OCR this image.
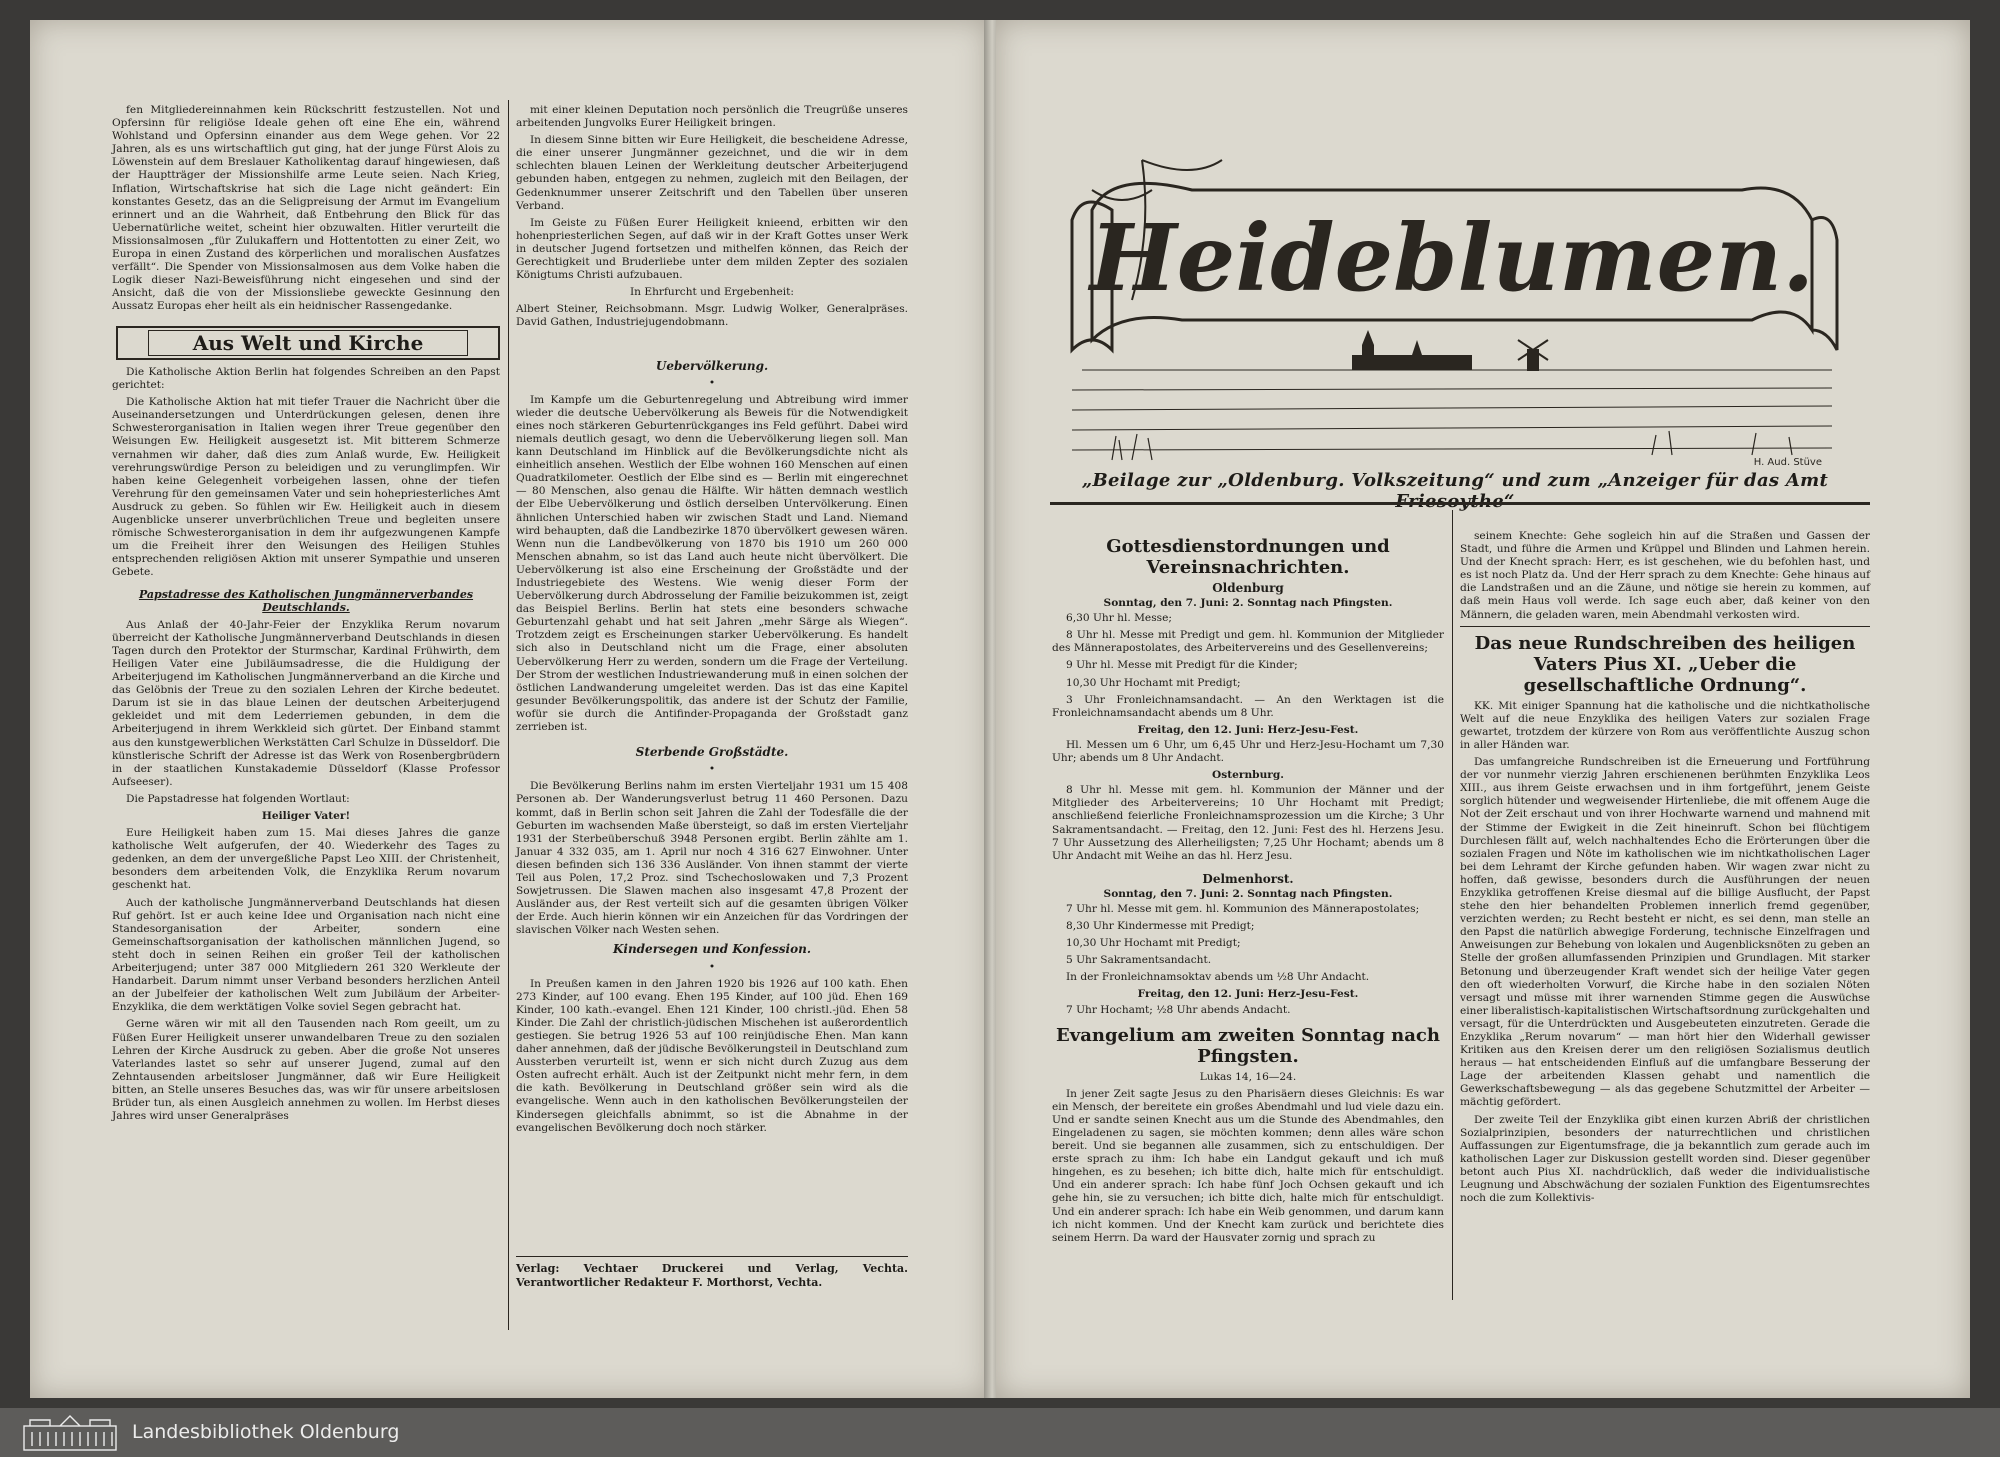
fen Mitgliedereinnahmen kein Rückschritt festzustellen. Not und Opfersinn für religiöse Ideale gehen oft eine Ehe ein, während Wohlstand und Opfersinn einander aus dem Wege gehen. Vor 22 Jahren, als es uns wirtschaftlich gut ging, hat der junge Fürst Alois zu Löwenstein auf dem Breslauer Katholikentag darauf hingewiesen, daß der Hauptträger der Missionshilfe arme Leute seien. Nach Krieg, Inflation, Wirtschaftskrise hat sich die Lage nicht geändert: Ein konstantes Gesetz, das an die Seligpreisung der Armut im Evangelium erinnert und an die Wahrheit, daß Entbehrung den Blick für das Uebernatürliche weitet, scheint hier obzuwalten. Hitler verurteilt die Missionsalmosen „für Zulukaffern und Hottentotten zu einer Zeit, wo Europa in einen Zustand des körperlichen und moralischen Ausfatzes verfällt“. Die Spender von Missionsalmosen aus dem Volke haben die Logik dieser Nazi-Beweisführung nicht eingesehen und sind der Ansicht, daß die von der Missionsliebe geweckte Gesinnung den Aussatz Europas eher heilt als ein heidnischer Rassengedanke.

Aus Welt und Kirche

Die Katholische Aktion Berlin hat folgendes Schreiben an den Papst gerichtet:

Die Katholische Aktion hat mit tiefer Trauer die Nachricht über die Auseinandersetzungen und Unterdrückungen gelesen, denen ihre Schwesterorganisation in Italien wegen ihrer Treue gegenüber den Weisungen Ew. Heiligkeit ausgesetzt ist. Mit bitterem Schmerze vernahmen wir daher, daß dies zum Anlaß wurde, Ew. Heiligkeit verehrungswürdige Person zu beleidigen und zu verunglimpfen. Wir haben keine Gelegenheit vorbeigehen lassen, ohne der tiefen Verehrung für den gemeinsamen Vater und sein hohepriesterliches Amt Ausdruck zu geben. So fühlen wir Ew. Heiligkeit auch in diesem Augenblicke unserer unverbrüchlichen Treue und begleiten unsere römische Schwesterorganisation in dem ihr aufgezwungenen Kampfe um die Freiheit ihrer den Weisungen des Heiligen Stuhles entsprechenden religiösen Aktion mit unserer Sympathie und unseren Gebete.

Papstadresse des Katholischen Jungmännerverbandes Deutschlands.

Aus Anlaß der 40-Jahr-Feier der Enzyklika Rerum novarum überreicht der Katholische Jungmännerverband Deutschlands in diesen Tagen durch den Protektor der Sturmschar, Kardinal Frühwirth, dem Heiligen Vater eine Jubiläumsadresse, die die Huldigung der Arbeiterjugend im Katholischen Jungmännerverband an die Kirche und das Gelöbnis der Treue zu den sozialen Lehren der Kirche bedeutet. Darum ist sie in das blaue Leinen der deutschen Arbeiterjugend gekleidet und mit dem Lederriemen gebunden, in dem die Arbeiterjugend in ihrem Werkkleid sich gürtet. Der Einband stammt aus den kunstgewerblichen Werkstätten Carl Schulze in Düsseldorf. Die künstlerische Schrift der Adresse ist das Werk von Rosenbergbrüdern in der staatlichen Kunstakademie Düsseldorf (Klasse Professor Aufseeser).

Die Papstadresse hat folgenden Wortlaut:

Heiliger Vater!

Eure Heiligkeit haben zum 15. Mai dieses Jahres die ganze katholische Welt aufgerufen, der 40. Wiederkehr des Tages zu gedenken, an dem der unvergeßliche Papst Leo XIII. der Christenheit, besonders dem arbeitenden Volk, die Enzyklika Rerum novarum geschenkt hat.

Auch der katholische Jungmännerverband Deutschlands hat diesen Ruf gehört. Ist er auch keine Idee und Organisation nach nicht eine Standesorganisation der Arbeiter, sondern eine Gemeinschaftsorganisation der katholischen männlichen Jugend, so steht doch in seinen Reihen ein großer Teil der katholischen Arbeiterjugend; unter 387 000 Mitgliedern 261 320 Werkleute der Handarbeit. Darum nimmt unser Verband besonders herzlichen Anteil an der Jubelfeier der katholischen Welt zum Jubiläum der Arbeiter-Enzyklika, die dem werktätigen Volke soviel Segen gebracht hat.

Gerne wären wir mit all den Tausenden nach Rom geeilt, um zu Füßen Eurer Heiligkeit unserer unwandelbaren Treue zu den sozialen Lehren der Kirche Ausdruck zu geben. Aber die große Not unseres Vaterlandes lastet so sehr auf unserer Jugend, zumal auf den Zehntausenden arbeitsloser Jungmänner, daß wir Eure Heiligkeit bitten, an Stelle unseres Besuches das, was wir für unsere arbeitslosen Brüder tun, als einen Ausgleich annehmen zu wollen. Im Herbst dieses Jahres wird unser Generalpräses

mit einer kleinen Deputation noch persönlich die Treugrüße unseres arbeitenden Jungvolks Eurer Heiligkeit bringen.

In diesem Sinne bitten wir Eure Heiligkeit, die bescheidene Adresse, die einer unserer Jungmänner gezeichnet, und die wir in dem schlechten blauen Leinen der Werkleitung deutscher Arbeiterjugend gebunden haben, entgegen zu nehmen, zugleich mit den Beilagen, der Gedenknummer unserer Zeitschrift und den Tabellen über unseren Verband.

Im Geiste zu Füßen Eurer Heiligkeit knieend, erbitten wir den hohenpriesterlichen Segen, auf daß wir in der Kraft Gottes unser Werk in deutscher Jugend fortsetzen und mithelfen können, das Reich der Gerechtigkeit und Bruderliebe unter dem milden Zepter des sozialen Königtums Christi aufzubauen.

In Ehrfurcht und Ergebenheit:

Albert Steiner, Reichsobmann. Msgr. Ludwig Wolker, Generalpräses. David Gathen, Industriejugendobmann.

Uebervölkerung.
•

Im Kampfe um die Geburtenregelung und Abtreibung wird immer wieder die deutsche Uebervölkerung als Beweis für die Notwendigkeit eines noch stärkeren Geburtenrückganges ins Feld geführt. Dabei wird niemals deutlich gesagt, wo denn die Uebervölkerung liegen soll. Man kann Deutschland im Hinblick auf die Bevölkerungsdichte nicht als einheitlich ansehen. Westlich der Elbe wohnen 160 Menschen auf einen Quadratkilometer. Oestlich der Elbe sind es — Berlin mit eingerechnet — 80 Menschen, also genau die Hälfte. Wir hätten demnach westlich der Elbe Uebervölkerung und östlich derselben Untervölkerung. Einen ähnlichen Unterschied haben wir zwischen Stadt und Land. Niemand wird behaupten, daß die Landbezirke 1870 übervölkert gewesen wären. Wenn nun die Landbevölkerung von 1870 bis 1910 um 260 000 Menschen abnahm, so ist das Land auch heute nicht übervölkert. Die Uebervölkerung ist also eine Erscheinung der Großstädte und der Industriegebiete des Westens. Wie wenig dieser Form der Uebervölkerung durch Abdrosselung der Familie beizukommen ist, zeigt das Beispiel Berlins. Berlin hat stets eine besonders schwache Geburtenzahl gehabt und hat seit Jahren „mehr Särge als Wiegen“. Trotzdem zeigt es Erscheinungen starker Uebervölkerung. Es handelt sich also in Deutschland nicht um die Frage, einer absoluten Uebervölkerung Herr zu werden, sondern um die Frage der Verteilung. Der Strom der westlichen Industriewanderung muß in einen solchen der östlichen Landwanderung umgeleitet werden. Das ist das eine Kapitel gesunder Bevölkerungspolitik, das andere ist der Schutz der Familie, wofür sie durch die Antifinder-Propaganda der Großstadt ganz zerrieben ist.

Sterbende Großstädte.
•

Die Bevölkerung Berlins nahm im ersten Vierteljahr 1931 um 15 408 Personen ab. Der Wanderungsverlust betrug 11 460 Personen. Dazu kommt, daß in Berlin schon seit Jahren die Zahl der Todesfälle die der Geburten im wachsenden Maße übersteigt, so daß im ersten Vierteljahr 1931 der Sterbeüberschuß 3948 Personen ergibt. Berlin zählte am 1. Januar 4 332 035, am 1. April nur noch 4 316 627 Einwohner. Unter diesen befinden sich 136 336 Ausländer. Von ihnen stammt der vierte Teil aus Polen, 17,2 Proz. sind Tschechoslowaken und 7,3 Prozent Sowjetrussen. Die Slawen machen also insgesamt 47,8 Prozent der Ausländer aus, der Rest verteilt sich auf die gesamten übrigen Völker der Erde. Auch hierin können wir ein Anzeichen für das Vordringen der slavischen Völker nach Westen sehen.

Kindersegen und Konfession.
•

In Preußen kamen in den Jahren 1920 bis 1926 auf 100 kath. Ehen 273 Kinder, auf 100 evang. Ehen 195 Kinder, auf 100 jüd. Ehen 169 Kinder, 100 kath.-evangel. Ehen 121 Kinder, 100 christl.-jüd. Ehen 58 Kinder. Die Zahl der christlich-jüdischen Mischehen ist außerordentlich gestiegen. Sie betrug 1926 53 auf 100 reinjüdische Ehen. Man kann daher annehmen, daß der jüdische Bevölkerungsteil in Deutschland zum Aussterben verurteilt ist, wenn er sich nicht durch Zuzug aus dem Osten aufrecht erhält. Auch ist der Zeitpunkt nicht mehr fern, in dem die kath. Bevölkerung in Deutschland größer sein wird als die evangelische. Wenn auch in den katholischen Bevölkerungsteilen der Kindersegen gleichfalls abnimmt, so ist die Abnahme in der evangelischen Bevölkerung doch noch stärker.

Verlag: Vechtaer Druckerei und Verlag, Vechta. Verantwortlicher Redakteur F. Morthorst, Vechta.

Heideblumen.
H. Aud. Stüve
„Beilage zur „Oldenburg. Volkszeitung“ und zum „Anzeiger für das Amt Friesoythe“
Gottesdienstordnungen und Vereinsnachrichten.
Oldenburg

Sonntag, den 7. Juni: 2. Sonntag nach Pfingsten.

6,30 Uhr hl. Messe;

8 Uhr hl. Messe mit Predigt und gem. hl. Kommunion der Mitglieder des Männerapostolates, des Arbeitervereins und des Gesellenvereins;

9 Uhr hl. Messe mit Predigt für die Kinder;

10,30 Uhr Hochamt mit Predigt;

3 Uhr Fronleichnamsandacht. — An den Werktagen ist die Fronleichnamsandacht abends um 8 Uhr.

Freitag, den 12. Juni: Herz-Jesu-Fest.

Hl. Messen um 6 Uhr, um 6,45 Uhr und Herz-Jesu-Hochamt um 7,30 Uhr; abends um 8 Uhr Andacht.

Osternburg.

8 Uhr hl. Messe mit gem. hl. Kommunion der Männer und der Mitglieder des Arbeitervereins; 10 Uhr Hochamt mit Predigt; anschließend feierliche Fronleichnamsprozession um die Kirche; 3 Uhr Sakramentsandacht. — Freitag, den 12. Juni: Fest des hl. Herzens Jesu. 7 Uhr Aussetzung des Allerheiligsten; 7,25 Uhr Hochamt; abends um 8 Uhr Andacht mit Weihe an das hl. Herz Jesu.

Delmenhorst.

Sonntag, den 7. Juni: 2. Sonntag nach Pfingsten.

7 Uhr hl. Messe mit gem. hl. Kommunion des Männerapostolates;

8,30 Uhr Kindermesse mit Predigt;

10,30 Uhr Hochamt mit Predigt;

5 Uhr Sakramentsandacht.

In der Fronleichnamsoktav abends um ½8 Uhr Andacht.

Freitag, den 12. Juni: Herz-Jesu-Fest.

7 Uhr Hochamt; ½8 Uhr abends Andacht.

Evangelium am zweiten Sonntag nach Pfingsten.

Lukas 14, 16—24.

In jener Zeit sagte Jesus zu den Pharisäern dieses Gleichnis: Es war ein Mensch, der bereitete ein großes Abendmahl und lud viele dazu ein. Und er sandte seinen Knecht aus um die Stunde des Abendmahles, den Eingeladenen zu sagen, sie möchten kommen; denn alles wäre schon bereit. Und sie begannen alle zusammen, sich zu entschuldigen. Der erste sprach zu ihm: Ich habe ein Landgut gekauft und ich muß hingehen, es zu besehen; ich bitte dich, halte mich für entschuldigt. Und ein anderer sprach: Ich habe fünf Joch Ochsen gekauft und ich gehe hin, sie zu versuchen; ich bitte dich, halte mich für entschuldigt. Und ein anderer sprach: Ich habe ein Weib genommen, und darum kann ich nicht kommen. Und der Knecht kam zurück und berichtete dies seinem Herrn. Da ward der Hausvater zornig und sprach zu

seinem Knechte: Gehe sogleich hin auf die Straßen und Gassen der Stadt, und führe die Armen und Krüppel und Blinden und Lahmen herein. Und der Knecht sprach: Herr, es ist geschehen, wie du befohlen hast, und es ist noch Platz da. Und der Herr sprach zu dem Knechte: Gehe hinaus auf die Landstraßen und an die Zäune, und nötige sie herein zu kommen, auf daß mein Haus voll werde. Ich sage euch aber, daß keiner von den Männern, die geladen waren, mein Abendmahl verkosten wird.

Das neue Rundschreiben des heiligen Vaters Pius XI. „Ueber die gesellschaftliche Ordnung“.

KK. Mit einiger Spannung hat die katholische und die nichtkatholische Welt auf die neue Enzyklika des heiligen Vaters zur sozialen Frage gewartet, trotzdem der kürzere von Rom aus veröffentlichte Auszug schon in aller Händen war.

Das umfangreiche Rundschreiben ist die Erneuerung und Fortführung der vor nunmehr vierzig Jahren erschienenen berühmten Enzyklika Leos XIII., aus ihrem Geiste erwachsen und in ihm fortgeführt, jenem Geiste sorglich hütender und wegweisender Hirtenliebe, die mit offenem Auge die Not der Zeit erschaut und von ihrer Hochwarte warnend und mahnend mit der Stimme der Ewigkeit in die Zeit hineinruft. Schon bei flüchtigem Durchlesen fällt auf, welch nachhaltendes Echo die Erörterungen über die sozialen Fragen und Nöte im katholischen wie im nichtkatholischen Lager bei dem Lehramt der Kirche gefunden haben. Wir wagen zwar nicht zu hoffen, daß gewisse, besonders durch die Ausführungen der neuen Enzyklika getroffenen Kreise diesmal auf die billige Ausflucht, der Papst stehe den hier behandelten Problemen innerlich fremd gegenüber, verzichten werden; zu Recht besteht er nicht, es sei denn, man stelle an den Papst die natürlich abwegige Forderung, technische Einzelfragen und Anweisungen zur Behebung von lokalen und Augenblicksnöten zu geben an Stelle der großen allumfassenden Prinzipien und Grundlagen. Mit starker Betonung und überzeugender Kraft wendet sich der heilige Vater gegen den oft wiederholten Vorwurf, die Kirche habe in den sozialen Nöten versagt und müsse mit ihrer warnenden Stimme gegen die Auswüchse einer liberalistisch-kapitalistischen Wirtschaftsordnung zurückgehalten und versagt, für die Unterdrückten und Ausgebeuteten einzutreten. Gerade die Enzyklika „Rerum novarum“ — man hört hier den Widerhall gewisser Kritiken aus den Kreisen derer um den religiösen Sozialismus deutlich heraus — hat entscheidenden Einfluß auf die umfangbare Besserung der Lage der arbeitenden Klassen gehabt und namentlich die Gewerkschaftsbewegung — als das gegebene Schutzmittel der Arbeiter — mächtig gefördert.

Der zweite Teil der Enzyklika gibt einen kurzen Abriß der christlichen Sozialprinzipien, besonders der naturrechtlichen und christlichen Auffassungen zur Eigentumsfrage, die ja bekanntlich zum gerade auch im katholischen Lager zur Diskussion gestellt worden sind. Dieser gegenüber betont auch Pius XI. nachdrücklich, daß weder die individualistische Leugnung und Abschwächung der sozialen Funktion des Eigentumsrechtes noch die zum Kollektivis-

Landesbibliothek Oldenburg
